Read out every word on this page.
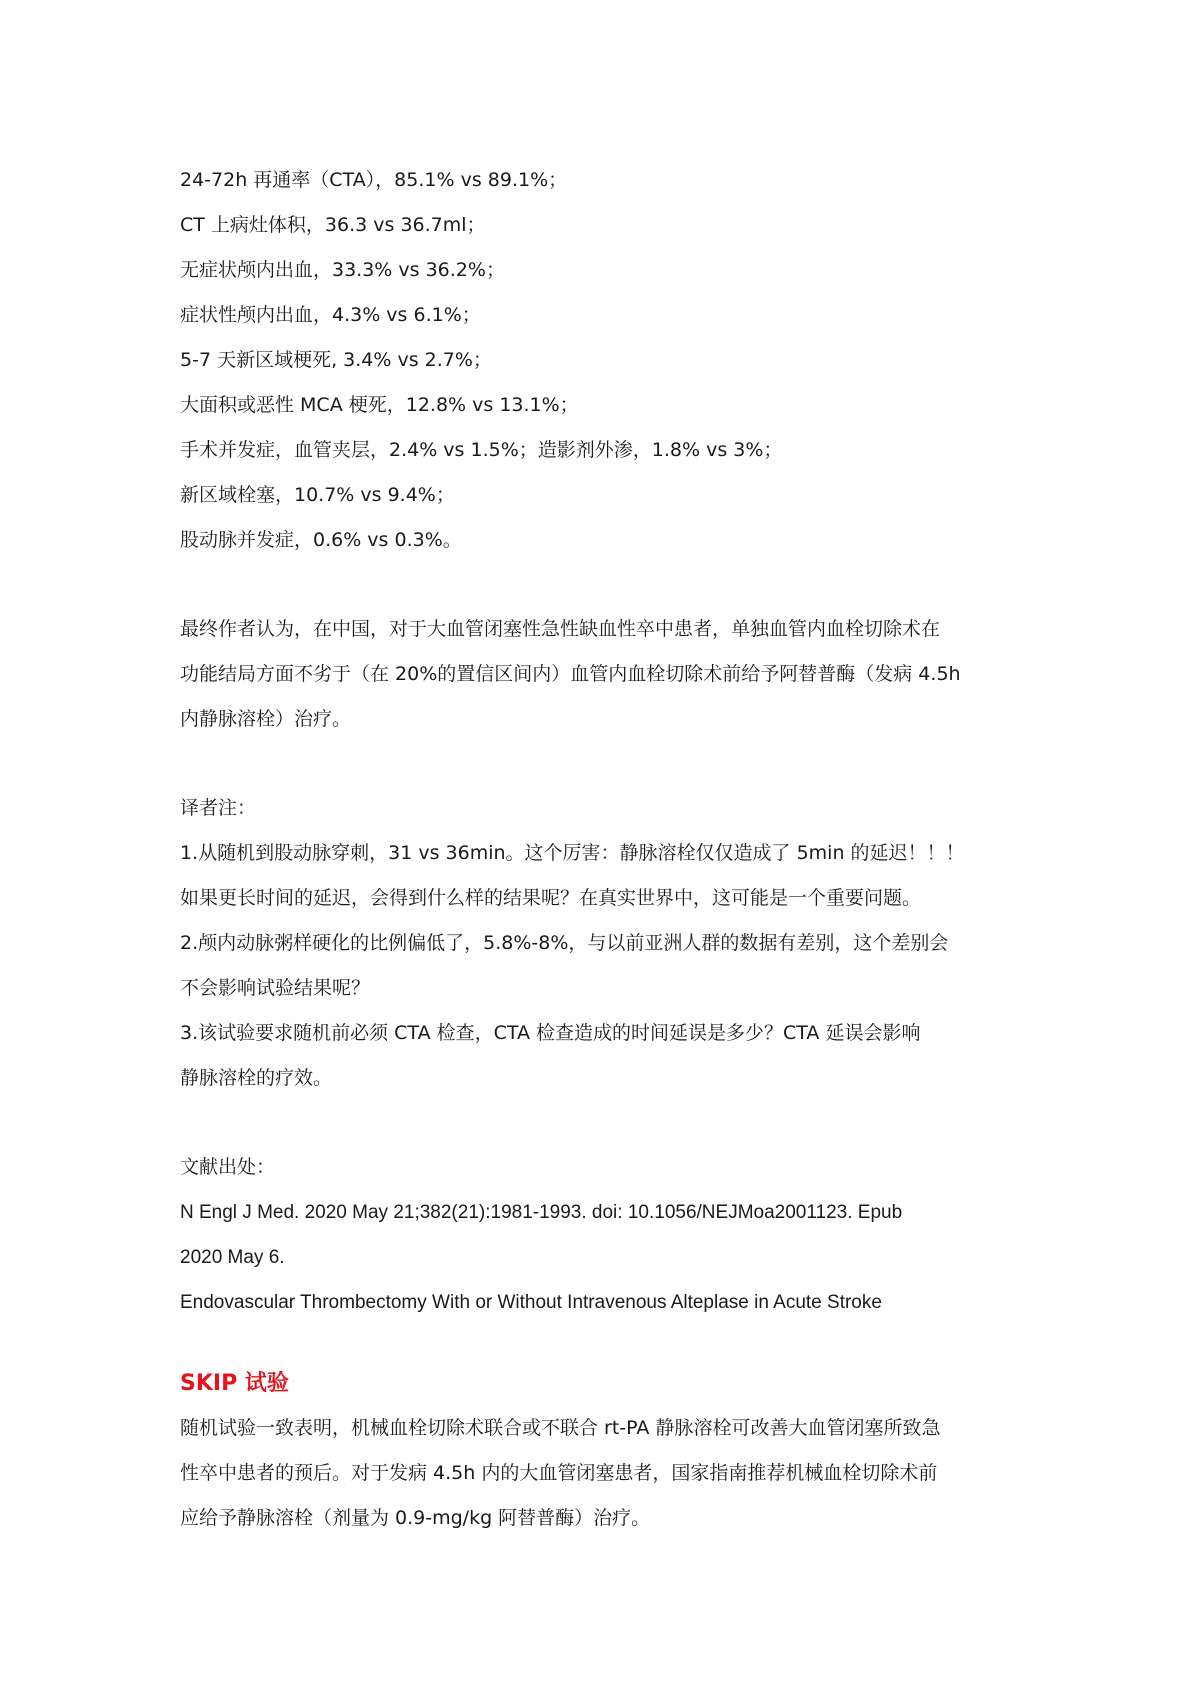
24-72h 再通率（CTA），85.1% vs 89.1%；

CT 上病灶体积，36.3 vs 36.7ml；

无症状颅内出血，33.3% vs 36.2%；

症状性颅内出血，4.3% vs 6.1%；

5-7 天新区域梗死, 3.4% vs 2.7%；

大面积或恶性 MCA 梗死，12.8% vs 13.1%；

手术并发症，血管夹层，2.4% vs 1.5%；造影剂外渗，1.8% vs 3%；

新区域栓塞，10.7% vs 9.4%；

股动脉并发症，0.6% vs 0.3%。

最终作者认为，在中国，对于大血管闭塞性急性缺血性卒中患者，单独血管内血栓切除术在

功能结局方面不劣于（在 20%的置信区间内）血管内血栓切除术前给予阿替普酶（发病 4.5h

内静脉溶栓）治疗。

译者注：

1.从随机到股动脉穿刺，31 vs 36min。这个厉害：静脉溶栓仅仅造成了 5min 的延迟！！！

如果更长时间的延迟，会得到什么样的结果呢？在真实世界中，这可能是一个重要问题。

2.颅内动脉粥样硬化的比例偏低了，5.8%-8%，与以前亚洲人群的数据有差别，这个差别会

不会影响试验结果呢？

3.该试验要求随机前必须 CTA 检查，CTA 检查造成的时间延误是多少？CTA 延误会影响

静脉溶栓的疗效。

文献出处：

N Engl J Med. 2020 May 21;382(21):1981-1993. doi: 10.1056/NEJMoa2001123. Epub

2020 May 6.

Endovascular Thrombectomy With or Without Intravenous Alteplase in Acute Stroke

SKIP 试验

随机试验一致表明，机械血栓切除术联合或不联合 rt-PA 静脉溶栓可改善大血管闭塞所致急

性卒中患者的预后。对于发病 4.5h 内的大血管闭塞患者，国家指南推荐机械血栓切除术前

应给予静脉溶栓（剂量为 0.9-mg/kg 阿替普酶）治疗。
